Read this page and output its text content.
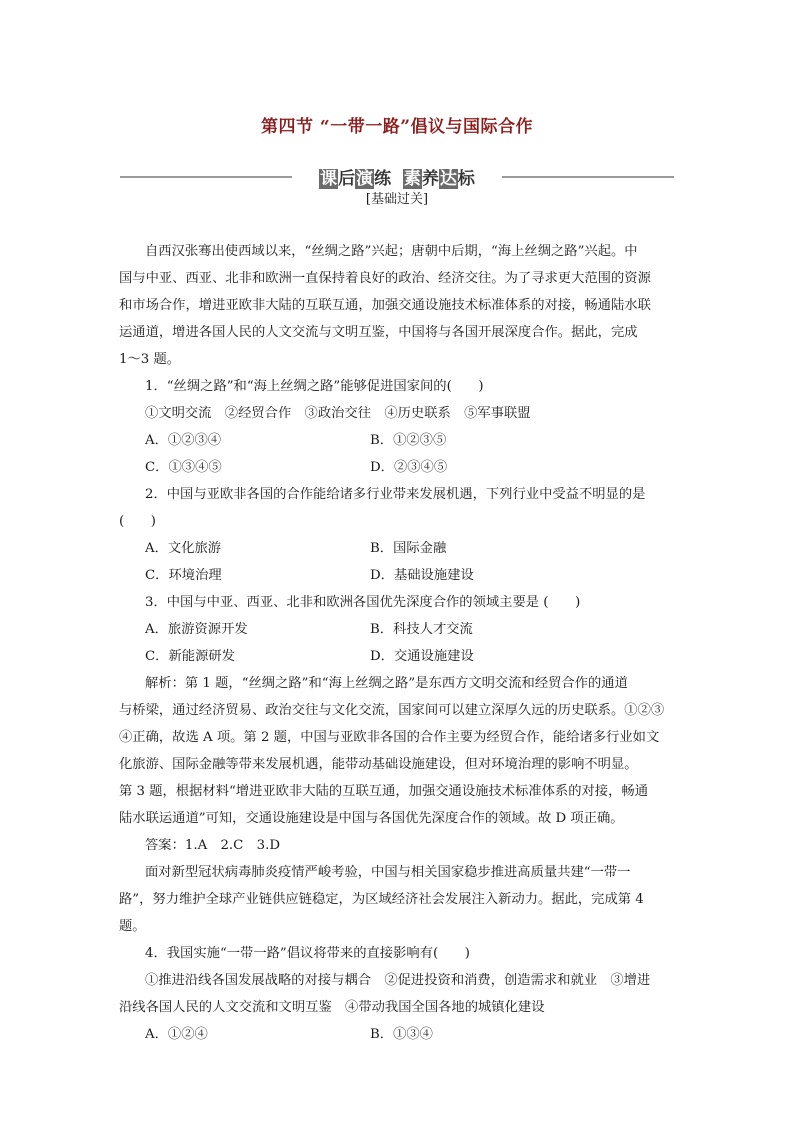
第四节 “一带一路”倡议与国际合作
课后演练 素养达标
[基础过关]
自西汉张骞出使西域以来，“丝绸之路”兴起；唐朝中后期，“海上丝绸之路”兴起。中
国与中亚、西亚、北非和欧洲一直保持着良好的政治、经济交往。为了寻求更大范围的资源
和市场合作，增进亚欧非大陆的互联互通，加强交通设施技术标准体系的对接，畅通陆水联
运通道，增进各国人民的人文交流与文明互鉴，中国将与各国开展深度合作。据此，完成
1～3 题。
1．“丝绸之路”和“海上丝绸之路”能够促进国家间的(　　)
①文明交流　②经贸合作　③政治交往　④历史联系　⑤军事联盟
A．①②③④	B．①②③⑤
C．①③④⑤	D．②③④⑤
2．中国与亚欧非各国的合作能给诸多行业带来发展机遇，下列行业中受益不明显的是
(　　)
A．文化旅游	B．国际金融
C．环境治理	D．基础设施建设
3．中国与中亚、西亚、北非和欧洲各国优先深度合作的领域主要是 (　　)
A．旅游资源开发	B．科技人才交流
C．新能源研发	D．交通设施建设
解析：第 1 题，“丝绸之路”和“海上丝绸之路”是东西方文明交流和经贸合作的通道
与桥梁，通过经济贸易、政治交往与文化交流，国家间可以建立深厚久远的历史联系。①②③
④正确，故选 A 项。第 2 题，中国与亚欧非各国的合作主要为经贸合作，能给诸多行业如文
化旅游、国际金融等带来发展机遇，能带动基础设施建设，但对环境治理的影响不明显。
第 3 题，根据材料“增进亚欧非大陆的互联互通，加强交通设施技术标准体系的对接，畅通
陆水联运通道”可知，交通设施建设是中国与各国优先深度合作的领域。故 D 项正确。
答案：1.A　2.C　3.D
面对新型冠状病毒肺炎疫情严峻考验，中国与相关国家稳步推进高质量共建“一带一
路”，努力维护全球产业链供应链稳定，为区域经济社会发展注入新动力。据此，完成第 4
题。
4．我国实施“一带一路”倡议将带来的直接影响有(　　)
①推进沿线各国发展战略的对接与耦合　②促进投资和消费，创造需求和就业　③增进
沿线各国人民的人文交流和文明互鉴　④带动我国全国各地的城镇化建设
A．①②④	B．①③④
